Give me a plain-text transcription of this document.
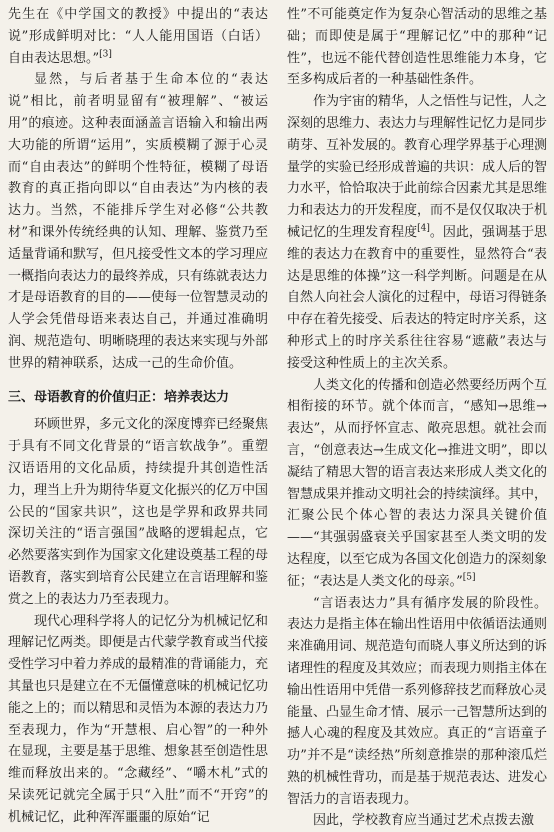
先生在《中学国文的教授》中提出的“表达说”形成鲜明对比：“人人能用国语（白话）自由表达思想。”[3]

显然，与后者基于生命本位的“表达说”相比，前者明显留有“被理解”、“被运用”的痕迹。这种表面涵盖言语输入和输出两大功能的所谓“运用”，实质模糊了源于心灵而“自由表达”的鲜明个性特征，模糊了母语教育的真正指向即以“自由表达”为内核的表达力。当然，不能排斥学生对必修“公共教材”和课外传统经典的认知、理解、鉴赏乃至适量背诵和默写，但凡接受性文本的学习理应一概指向表达力的最终养成，只有练就表达力才是母语教育的目的——使每一位智慧灵动的人学会凭借母语来表达自己，并通过准确明润、规范造句、明晰晓理的表达来实现与外部世界的精神联系，达成一己的生命价值。

三、母语教育的价值归正：培养表达力

环顾世界，多元文化的深度博弈已经聚焦于具有不同文化背景的“语言软战争”。重塑汉语语用的文化品质，持续提升其创造性活力，理当上升为期待华夏文化振兴的亿万中国公民的“国家共识”，这也是学界和政界共同深切关注的“语言强国”战略的逻辑起点，它必然要落实到作为国家文化建设奠基工程的母语教育，落实到培育公民建立在言语理解和鉴赏之上的表达力乃至表现力。

现代心理科学将人的记忆分为机械记忆和理解记忆两类。即便是古代蒙学教育或当代接受性学习中着力养成的最精准的背诵能力，充其量也只是建立在不无僵懂意味的机械记忆功能之上的；而以精思和灵悟为本源的表达力乃至表现力，作为“开慧根、启心智”的一种外在显现，主要是基于思维、想象甚至创造性思维而释放出来的。“念藏经”、“嚼木札”式的呆读死记就完全属于只“入肚”而不“开窍”的机械记忆，此种浑浑噩噩的原始“记

性”不可能奠定作为复杂心智活动的思维之基础；而即使是属于“理解记忆”中的那种“记性”，也远不能代替创造性思维能力本身，它至多构成后者的一种基础性条件。

作为宇宙的精华，人之悟性与记性，人之深刻的思维力、表达力与理解性记忆力是同步萌芽、互补发展的。教育心理学界基于心理测量学的实验已经形成普遍的共识：成人后的智力水平，恰恰取决于此前综合因素尤其是思维力和表达力的开发程度，而不是仅仅取决于机械记忆的生理发育程度[4]。因此，强调基于思维的表达力在教育中的重要性，显然符合“表达是思维的体操”这一科学判断。问题是在从自然人向社会人演化的过程中，母语习得链条中存在着先接受、后表达的特定时序关系，这种形式上的时序关系往往容易“遮蔽”表达与接受这种性质上的主次关系。

人类文化的传播和创造必然要经历两个互相衔接的环节。就个体而言，“感知→思维→表达”，从而抒怀宣志、敞亮思想。就社会而言，“创意表达→生成文化→推进文明”，即以凝结了精思大智的语言表达来形成人类文化的智慧成果并推动文明社会的持续演绎。其中，汇聚公民个体心智的表达力深具关键价值——“其强弱盛衰关乎国家甚至人类文明的发达程度，以至它成为各国文化创造力的深刻象征；“表达是人类文化的母亲。”[5]

“言语表达力”具有循序发展的阶段性。表达力是指主体在输出性语用中依循语法通则来准确用词、规范造句而晓人事义所达到的诉诸理性的程度及其效应；而表现力则指主体在输出性语用中凭借一系列修辞技艺而释放心灵能量、凸显生命才情、展示一己智慧所达到的撼人心魂的程度及其效应。真正的“言语童子功”并不是“读经热”所刻意推崇的那种滚瓜烂熟的机械性背功，而是基于规范表达、进发心智活力的言语表现力。

因此，学校教育应当通过艺术点拨去激
